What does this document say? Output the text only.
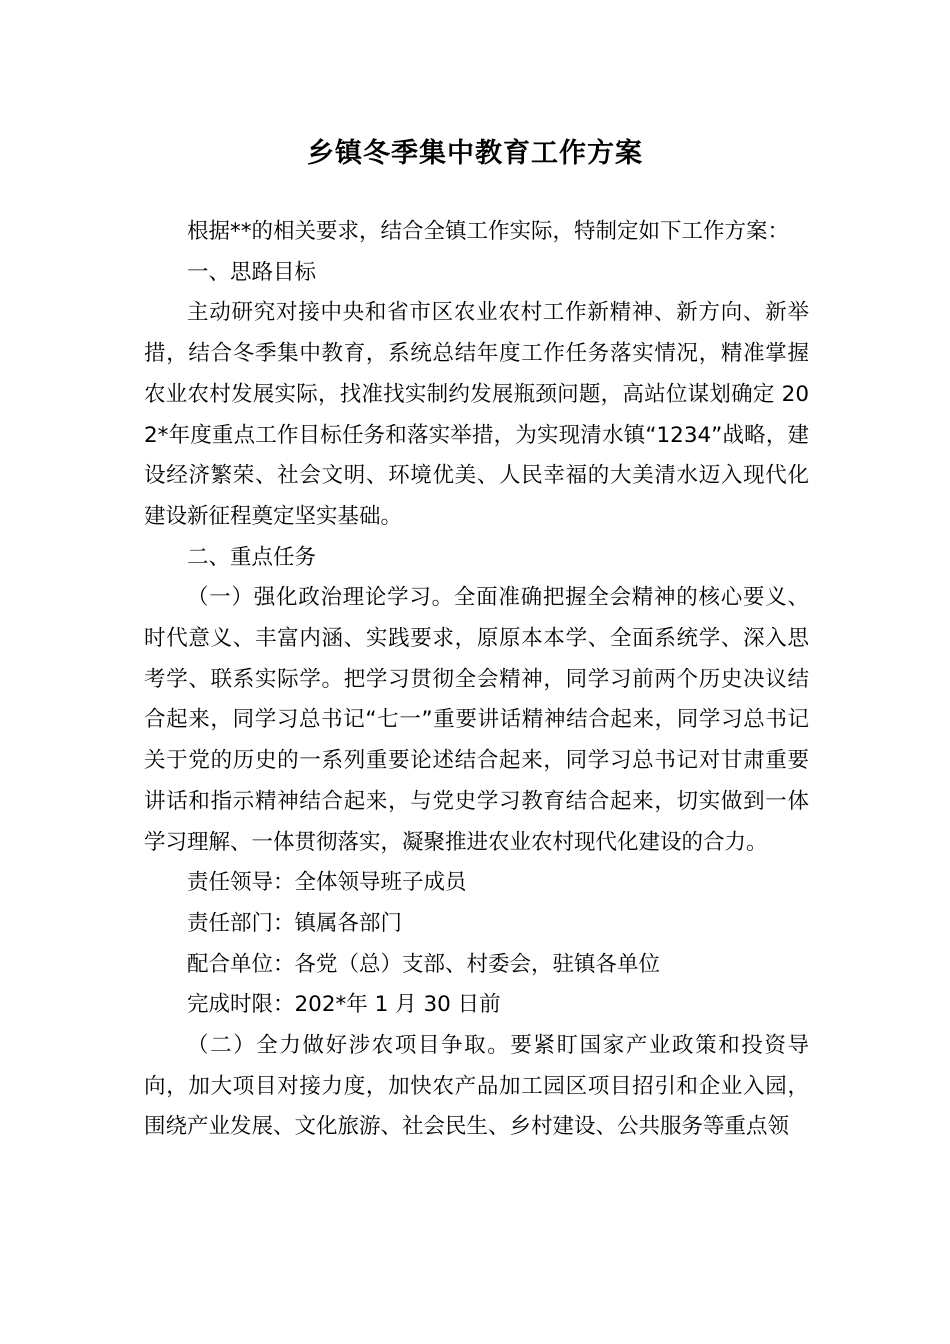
乡镇冬季集中教育工作方案

根据**的相关要求，结合全镇工作实际，特制定如下工作方案：

一、思路目标

主动研究对接中央和省市区农业农村工作新精神、新方向、新举措，结合冬季集中教育，系统总结年度工作任务落实情况，精准掌握农业农村发展实际，找准找实制约发展瓶颈问题，高站位谋划确定 202*年度重点工作目标任务和落实举措，为实现清水镇“1234”战略，建设经济繁荣、社会文明、环境优美、人民幸福的大美清水迈入现代化建设新征程奠定坚实基础。

二、重点任务

（一）强化政治理论学习。全面准确把握全会精神的核心要义、时代意义、丰富内涵、实践要求，原原本本学、全面系统学、深入思考学、联系实际学。把学习贯彻全会精神，同学习前两个历史决议结合起来，同学习总书记“七一”重要讲话精神结合起来，同学习总书记关于党的历史的一系列重要论述结合起来，同学习总书记对甘肃重要讲话和指示精神结合起来，与党史学习教育结合起来，切实做到一体学习理解、一体贯彻落实，凝聚推进农业农村现代化建设的合力。

责任领导：全体领导班子成员

责任部门：镇属各部门

配合单位：各党（总）支部、村委会，驻镇各单位

完成时限：202*年 1 月 30 日前

（二）全力做好涉农项目争取。要紧盯国家产业政策和投资导向，加大项目对接力度，加快农产品加工园区项目招引和企业入园，围绕产业发展、文化旅游、社会民生、乡村建设、公共服务等重点领
